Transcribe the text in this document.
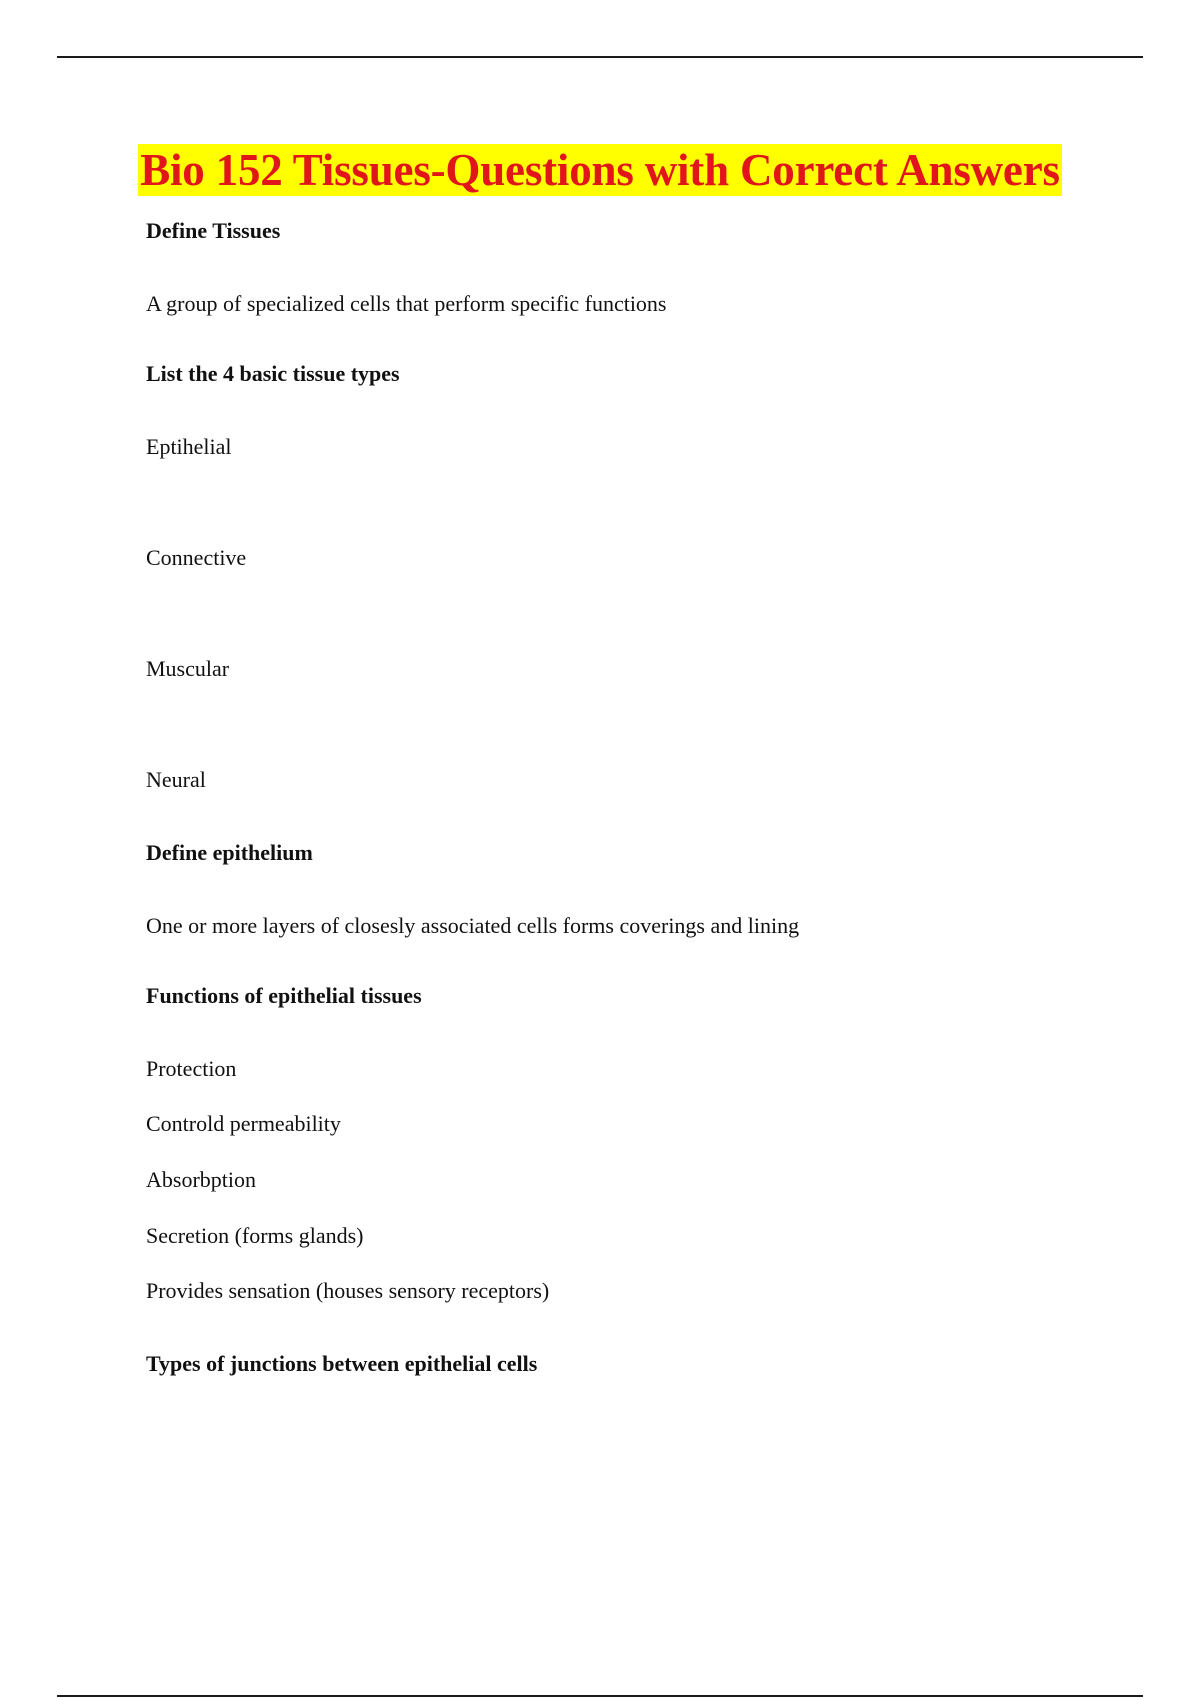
Bio 152 Tissues-Questions with Correct Answers
Define Tissues
A group of specialized cells that perform specific functions
List the 4 basic tissue types
Eptihelial
Connective
Muscular
Neural
Define epithelium
One or more layers of closesly associated cells forms coverings and lining
Functions of epithelial tissues
Protection
Controld permeability
Absorbption
Secretion (forms glands)
Provides sensation (houses sensory receptors)
Types of junctions between epithelial cells
